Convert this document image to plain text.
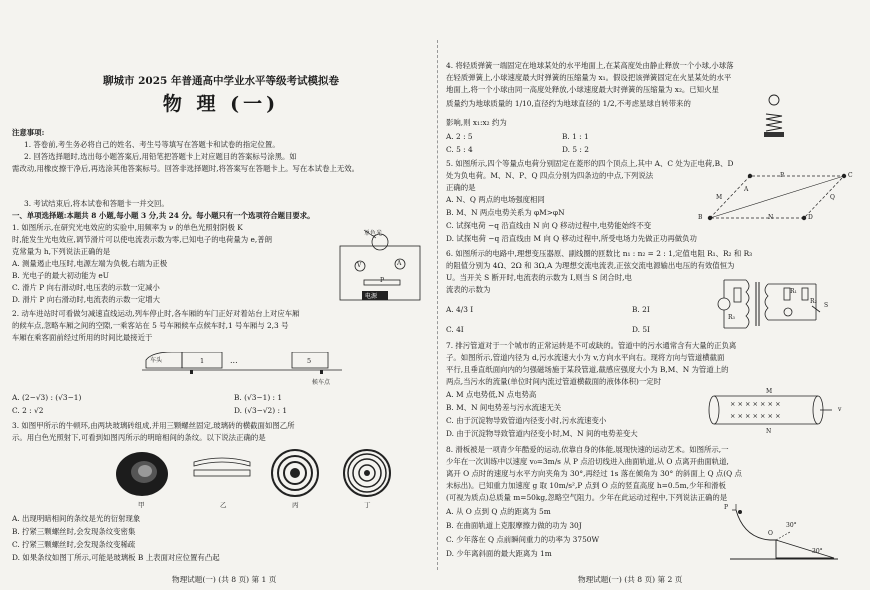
聊城市 2025 年普通高中学业水平等级考试模拟卷
物 理 (一)
注意事项:
1. 答卷前,考生务必将自己的姓名、考生号等填写在答题卡和试卷的指定位置。
2. 回答选择题时,选出每小题答案后,用铅笔把答题卡上对应题目的答案标号涂黑。如
需改动,用橡皮擦干净后,再选涂其他答案标号。回答非选择题时,将答案写在答题卡上。写在本试卷上无效。
3. 考试结束后,将本试卷和答题卡一并交回。
一、单项选择题:本题共 8 小题,每小题 3 分,共 24 分。每小题只有一个选项符合题目要求。
1. 如图所示,在研究光电效应的实验中,用频率为 ν 的单色光照射阴极 K
时,能发生光电效应,调节滑片可以使电流表示数为零,已知电子的电荷量为 e,普朗
克常量为 h,下列说法正确的是
A. 测量遏止电压时,电源左端为负极,右端为正极
B. 光电子的最大初动能为 eU
C. 滑片 P 向右滑动时,电压表的示数一定减小
D. 滑片 P 向右滑动时,电流表的示数一定增大
单色光
V	A
P
电源
2. 动车进站时可看做匀减速直线运动,列车停止时,各车厢的车门正好对着站台上对应车厢
的候车点,忽略车厢之间的空隙,一乘客站在 5 号车厢候车点候车时,1 号车厢与 2,3 号
车厢在乘客面前经过所用的时间比最接近于
...
1	5
车头
候车点
A. (2−√3) : (√3−1)	B. (√3−1) : 1
C. 2 : √2	D. (√3−√2) : 1
3. 如图甲所示的牛顿环,由两块玻璃砖组成,并用三颗螺丝固定,玻璃砖的横截面如图乙所
示。用白色光照射下,可看到如图丙所示的明暗相间的条纹。以下说法正确的是
甲	乙	丙	丁
A. 出现明暗相间的条纹是光的衍射现象
B. 拧紧三颗螺丝时,会发现条纹变密集
C. 拧紧三颗螺丝时,会发现条纹变稀疏
D. 如果条纹如图丁所示,可能是玻璃板 B 上表面对应位置有凸起
物理试题(一) (共 8 页) 第 1 页
4. 将轻质弹簧一端固定在地球某处的水平地面上,在某高度处由静止释放一个小球,小球落
在轻质弹簧上,小球速度最大时弹簧的压缩量为 x₁。假设把该弹簧固定在火星某处的水平
地面上,将一个小球由同一高度处释放,小球速度最大时弹簧的压缩量为 x₂。已知火星
质量约为地球质量的 1/10,直径约为地球直径的 1/2,不考虑星球自转带来的
影响,则 x₁:x₂ 约为
A. 2 : 5	B. 1 : 1
C. 5 : 4	D. 5 : 2
5. 如图所示,四个等量点电荷分别固定在菱形的四个顶点上,其中 A、C 处为正电荷,B、D
处为负电荷。M、N、P、Q 四点分别为四条边的中点,下列说法
正确的是
A. N、Q 两点的电场强度相同
B. M、N 两点电势关系为 φM>φN
C. 试探电荷 −q 沿直线由 N 向 Q 移动过程中,电势能始终不变
D. 试探电荷 −q 沿直线由 M 向 Q 移动过程中,所受电场力先做正功再做负功
A
B
C
D
M
N
P
Q
6. 如图所示的电路中,理想变压器原、副线圈的匝数比 n₁ : n₂ = 2 : 1,定值电阻 R₁、R₂ 和 R₃
的阻值分别为 4Ω、2Ω 和 3Ω,A 为理想交流电流表,正弦交流电源输出电压的有效值恒为
U。当开关 S 断开时,电流表的示数为 I,则当 S 闭合时,电
流表的示数为
A. 4/3 I	B. 2I
C. 4I	D. 5I
R₁
R₂
R₃
S
7. 排污管道对于一个城市的正常运转是不可或缺的。管道中的污水通常含有大量的正负离
子。如图所示,管道内径为 d,污水流速大小为 v,方向水平向右。现将方向与管道横截面
平行,且垂直纸面向内的匀强磁场施于某段管道,截感应强度大小为 B,M、N 为管道上的
两点,当污水的流量(单位时间内流过管道横截面的液体体积)一定时
A. M 点电势低,N 点电势高
B. M、N 间电势差与污水流速无关
C. 由于沉淀物导致管道内径变小时,污水流速变小
D. 由于沉淀物导致管道内径变小时,M、N 间的电势差变大
× × × × × × ×
× × × × × × ×
M
N
v
8. 滑板被是一项青少年酷爱的运动,依靠自身的体能,展现快速的运动艺术。如图所示,一
少年在一次训练中以速度 v₀=3m/s 从 P 点沿切线进入曲面轨道,从 O 点离开曲面轨道,
离开 O 点时的速度与水平方向夹角为 30°,再经过 1s 落在倾角为 30° 的斜面上 Q 点(Q 点
未标出)。已知重力加速度 g 取 10m/s²,P 点到 O 点的竖直高度 h=0.5m,少年和滑板
(可视为质点)总质量 m=50kg,忽略空气阻力。少年在此运动过程中,下列说法正确的是
A. 从 O 点到 Q 点的距离为 5m
B. 在曲面轨道上克服摩擦力做的功为 30J
C. 少年落在 Q 点前瞬间重力的功率为 3750W
D. 少年离斜面的最大距离为 1m
P
O
30°
30°
物理试题(一) (共 8 页) 第 2 页
